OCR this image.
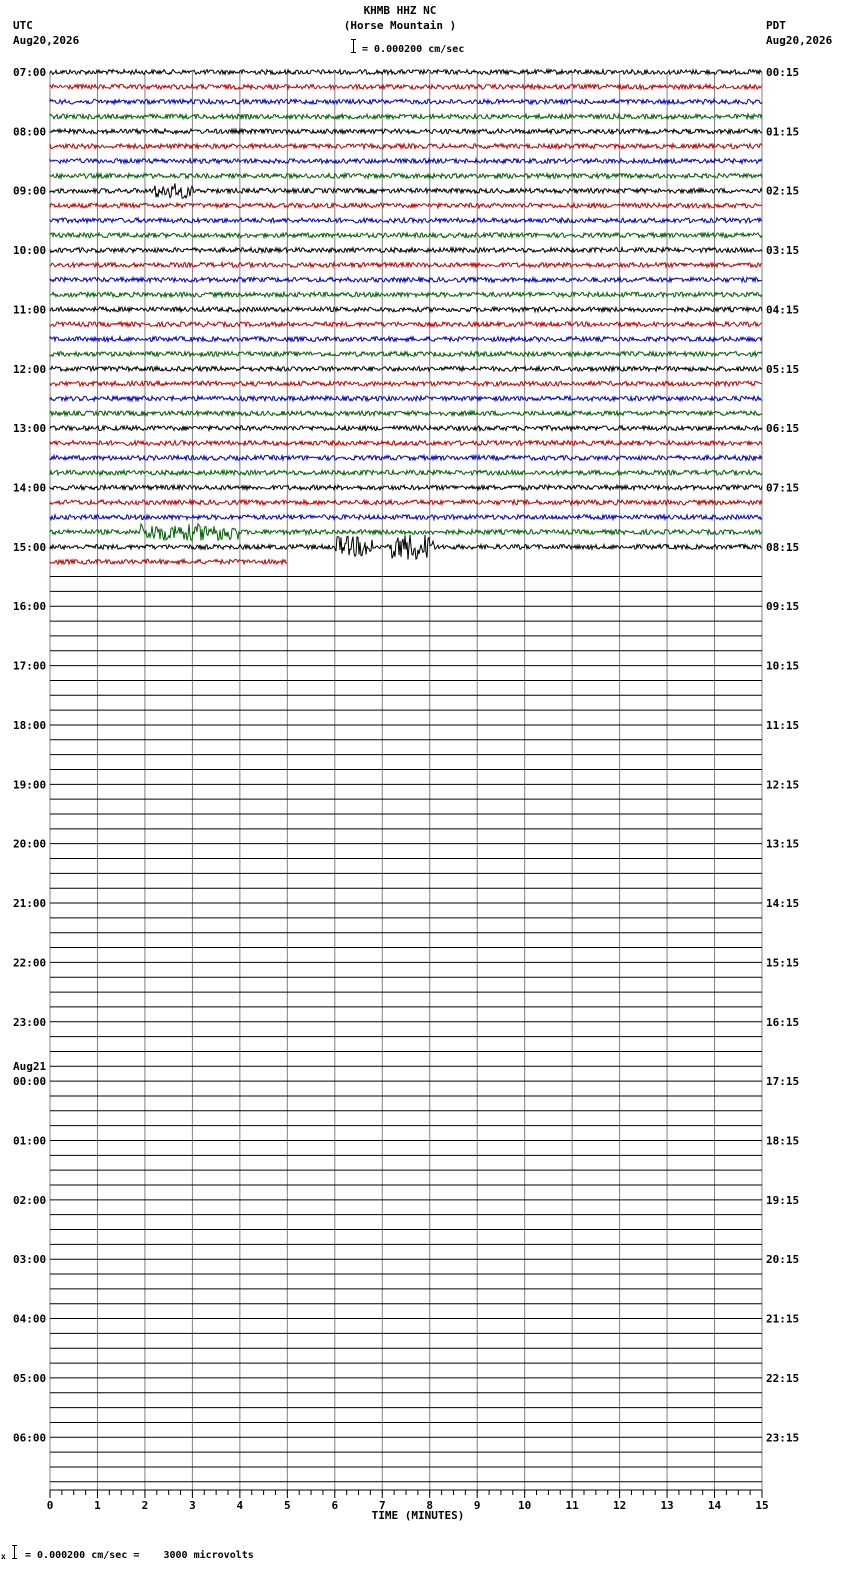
KHMB HHZ NC
(Horse Mountain )
= 0.000200 cm/sec
UTC
Aug20,2026
PDT
Aug20,2026
07:00
08:00
09:00
10:00
11:00
12:00
13:00
14:00
15:00
16:00
17:00
18:00
19:00
20:00
21:00
22:00
23:00
00:00
Aug21
01:00
02:00
03:00
04:00
05:00
06:00
00:15
01:15
02:15
03:15
04:15
05:15
06:15
07:15
08:15
09:15
10:15
11:15
12:15
13:15
14:15
15:15
16:15
17:15
18:15
19:15
20:15
21:15
22:15
23:15
0	1	2	3	4	5	6	7	8	9	10	11	12	13	14	15
TIME (MINUTES)
x = 0.000200 cm/sec =    3000 microvolts
